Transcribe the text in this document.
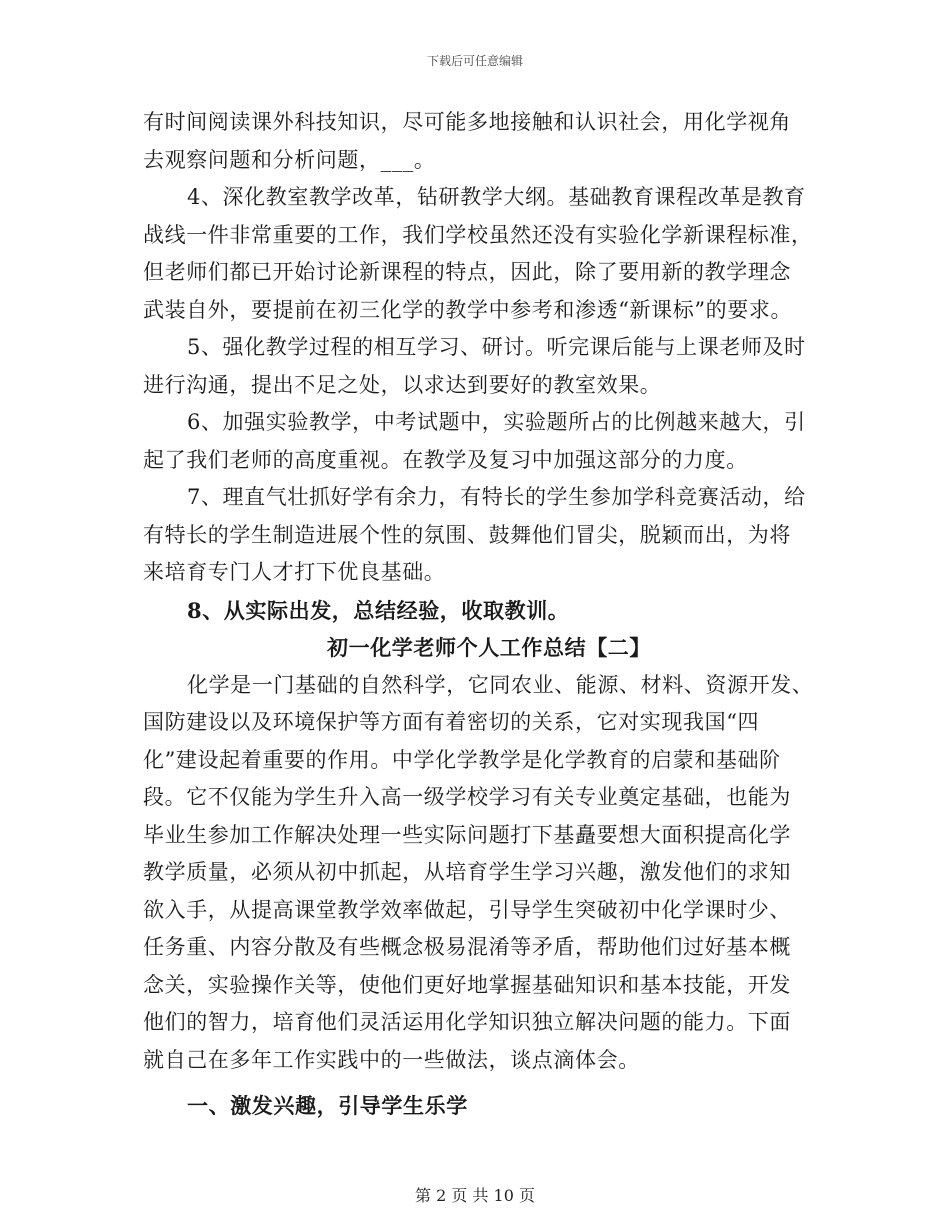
下载后可任意编辑
有时间阅读课外科技知识，尽可能多地接触和认识社会，用化学视角
去观察问题和分析问题，___。
4、深化教室教学改革，钻研教学大纲。基础教育课程改革是教育
战线一件非常重要的工作，我们学校虽然还没有实验化学新课程标准，
但老师们都已开始讨论新课程的特点，因此，除了要用新的教学理念
武装自外，要提前在初三化学的教学中参考和渗透“新课标”的要求。
5、强化教学过程的相互学习、研讨。听完课后能与上课老师及时
进行沟通，提出不足之处，以求达到要好的教室效果。
6、加强实验教学，中考试题中，实验题所占的比例越来越大，引
起了我们老师的高度重视。在教学及复习中加强这部分的力度。
7、理直气壮抓好学有余力，有特长的学生参加学科竞赛活动，给
有特长的学生制造进展个性的氛围、鼓舞他们冒尖，脱颖而出，为将
来培育专门人才打下优良基础。
8、从实际出发，总结经验，收取教训。
初一化学老师个人工作总结【二】
化学是一门基础的自然科学，它同农业、能源、材料、资源开发、
国防建设以及环境保护等方面有着密切的关系，它对实现我国“四
化”建设起着重要的作用。中学化学教学是化学教育的启蒙和基础阶
段。它不仅能为学生升入高一级学校学习有关专业奠定基础，也能为
毕业生参加工作解决处理一些实际问题打下基矗要想大面积提高化学
教学质量，必须从初中抓起，从培育学生学习兴趣，激发他们的求知
欲入手，从提高课堂教学效率做起，引导学生突破初中化学课时少、
任务重、内容分散及有些概念极易混淆等矛盾，帮助他们过好基本概
念关，实验操作关等，使他们更好地掌握基础知识和基本技能，开发
他们的智力，培育他们灵活运用化学知识独立解决问题的能力。下面
就自己在多年工作实践中的一些做法，谈点滴体会。
一、激发兴趣，引导学生乐学
第 2 页 共 10 页
